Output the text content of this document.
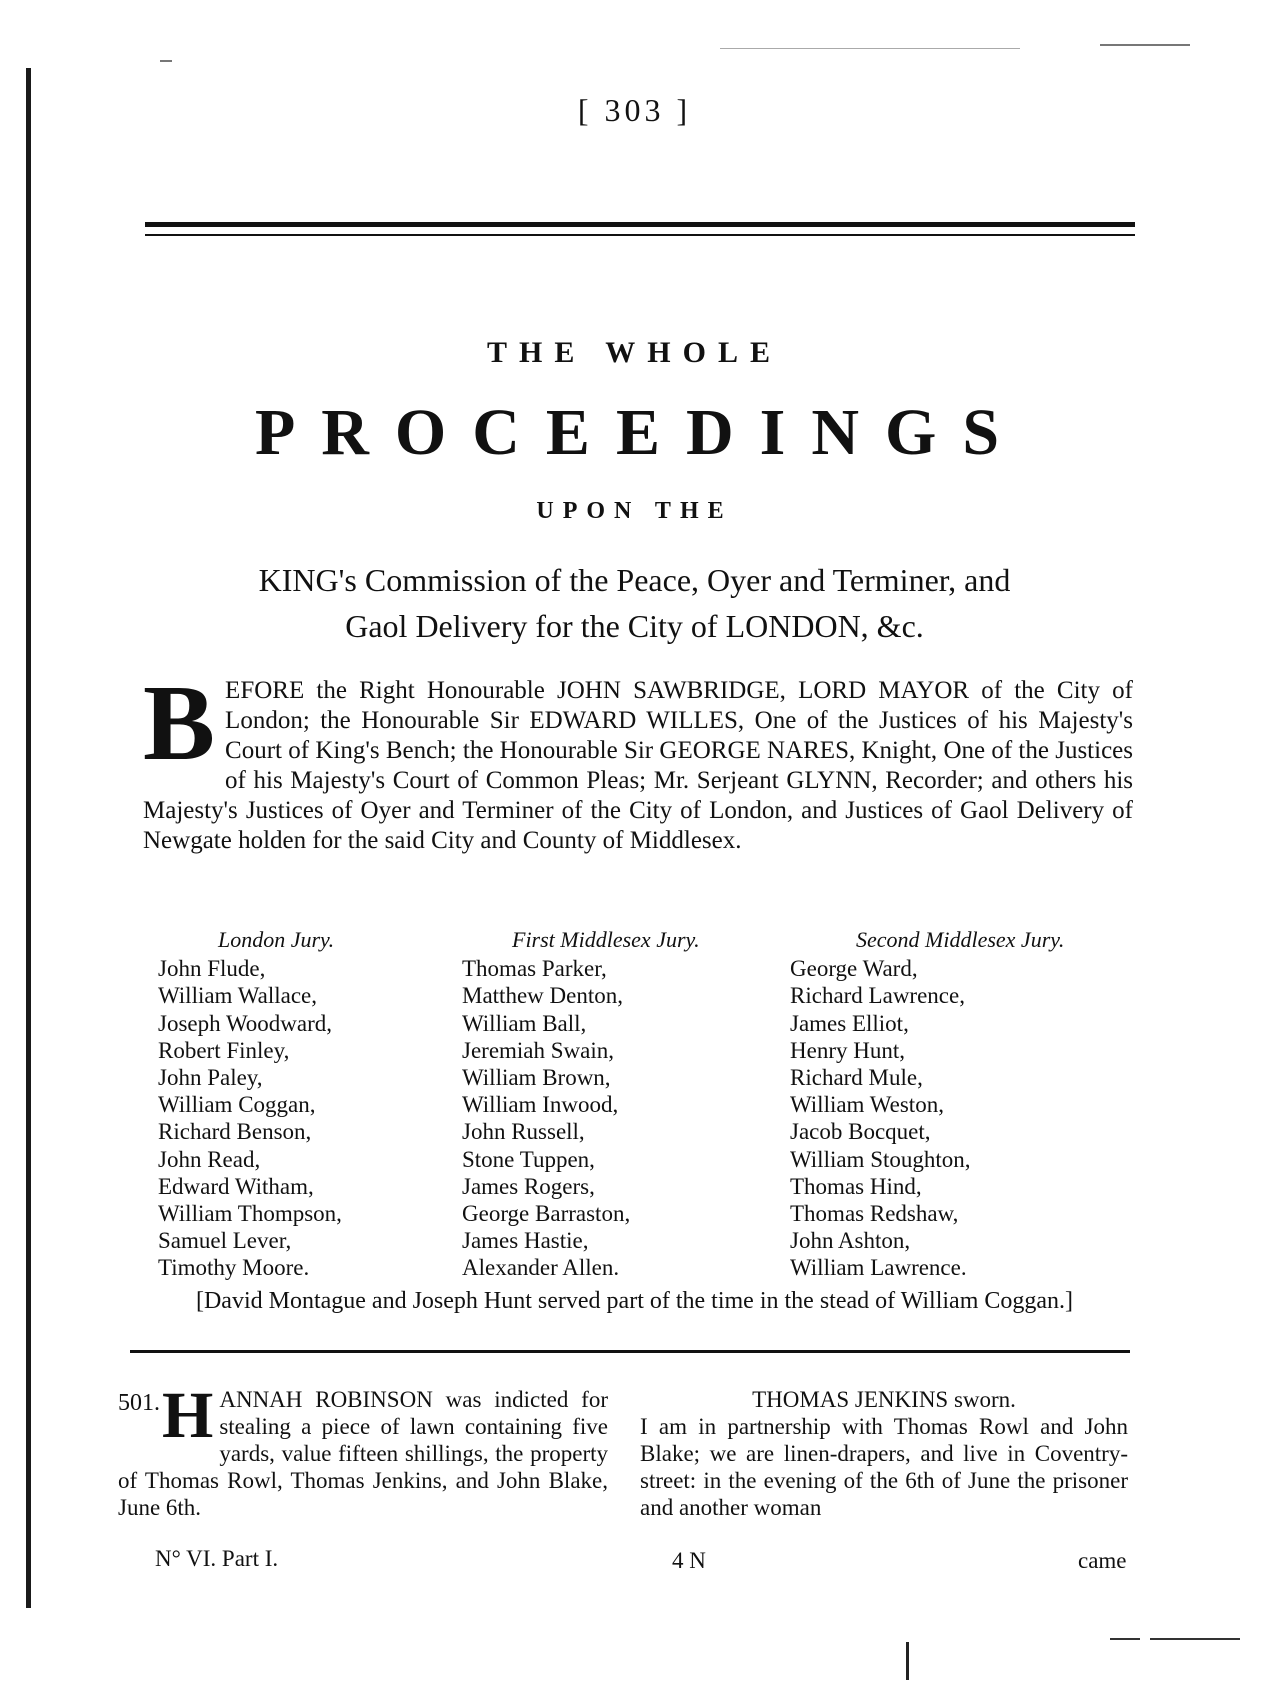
[ 303 ]
THE WHOLE
PROCEEDINGS
UPON THE
KING's Commission of the Peace, Oyer and Terminer, and
Gaol Delivery for the City of LONDON, &c.
B EFORE the Right Honourable JOHN SAWBRIDGE, LORD MAYOR of the City of London; the Honourable Sir EDWARD WILLES, One of the Justices of his Majesty's Court of King's Bench; the Honourable Sir GEORGE NARES, Knight, One of the Justices of his Majesty's Court of Common Pleas; Mr. Serjeant GLYNN, Recorder; and others his Majesty's Justices of Oyer and Terminer of the City of London, and Justices of Gaol Delivery of Newgate holden for the said City and County of Middlesex.
London Jury.
John Flude,
William Wallace,
Joseph Woodward,
Robert Finley,
John Paley,
William Coggan,
Richard Benson,
John Read,
Edward Witham,
William Thompson,
Samuel Lever,
Timothy Moore.
First Middlesex Jury.
Thomas Parker,
Matthew Denton,
William Ball,
Jeremiah Swain,
William Brown,
William Inwood,
John Russell,
Stone Tuppen,
James Rogers,
George Barraston,
James Hastie,
Alexander Allen.
Second Middlesex Jury.
George Ward,
Richard Lawrence,
James Elliot,
Henry Hunt,
Richard Mule,
William Weston,
Jacob Bocquet,
William Stoughton,
Thomas Hind,
Thomas Redshaw,
John Ashton,
William Lawrence.
[David Montague and Joseph Hunt served part of the time in the stead of William Coggan.]
501. H ANNAH ROBINSON was indicted for stealing a piece of lawn containing five yards, value fifteen shillings, the property of Thomas Rowl, Thomas Jenkins, and John Blake, June 6th.
THOMAS JENKINS sworn.
I am in partnership with Thomas Rowl and John Blake; we are linen-drapers, and live in Coventry-street: in the evening of the 6th of June the prisoner and another woman
N° VI. Part I.	4 N	came
